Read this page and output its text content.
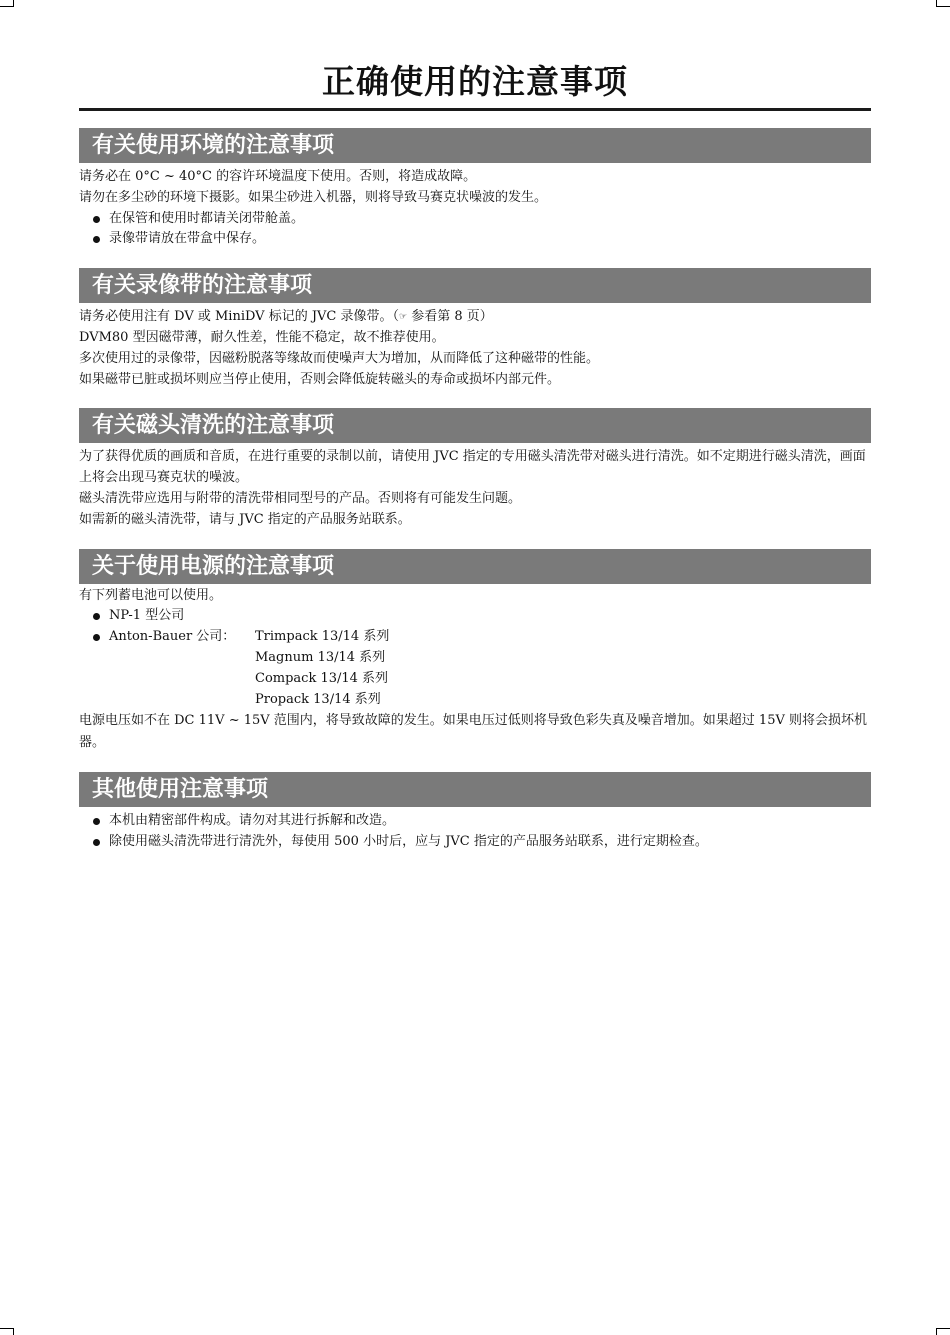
正确使用的注意事项
有关使用环境的注意事项

请务必在 0°C ~ 40°C 的容许环境温度下使用。否则，将造成故障。

请勿在多尘砂的环境下摄影。如果尘砂进入机器，则将导致马赛克状噪波的发生。

在保管和使用时都请关闭带舱盖。
录像带请放在带盒中保存。
有关录像带的注意事项

请务必使用注有 DV 或 MiniDV 标记的 JVC 录像带。（☞ 参看第 8 页）

DVM80 型因磁带薄，耐久性差，性能不稳定，故不推荐使用。

多次使用过的录像带，因磁粉脱落等缘故而使噪声大为增加，从而降低了这种磁带的性能。

如果磁带已脏或损坏则应当停止使用，否则会降低旋转磁头的寿命或损坏内部元件。

有关磁头清洗的注意事项

为了获得优质的画质和音质，在进行重要的录制以前，请使用 JVC 指定的专用磁头清洗带对磁头进行清洗。如不定期进行磁头清洗，画面上将会出现马赛克状的噪波。

磁头清洗带应选用与附带的清洗带相同型号的产品。否则将有可能发生问题。

如需新的磁头清洗带，请与 JVC 指定的产品服务站联系。

关于使用电源的注意事项

有下列蓄电池可以使用。

NP-1 型公司
Anton-Bauer 公司： Trimpack 13/14 系列
Magnum 13/14 系列
Compack 13/14 系列
Propack 13/14 系列

电源电压如不在 DC 11V ~ 15V 范围内，将导致故障的发生。如果电压过低则将导致色彩失真及噪音增加。如果超过 15V 则将会损坏机器。

其他使用注意事项
本机由精密部件构成。请勿对其进行拆解和改造。
除使用磁头清洗带进行清洗外，每使用 500 小时后，应与 JVC 指定的产品服务站联系，进行定期检查。
